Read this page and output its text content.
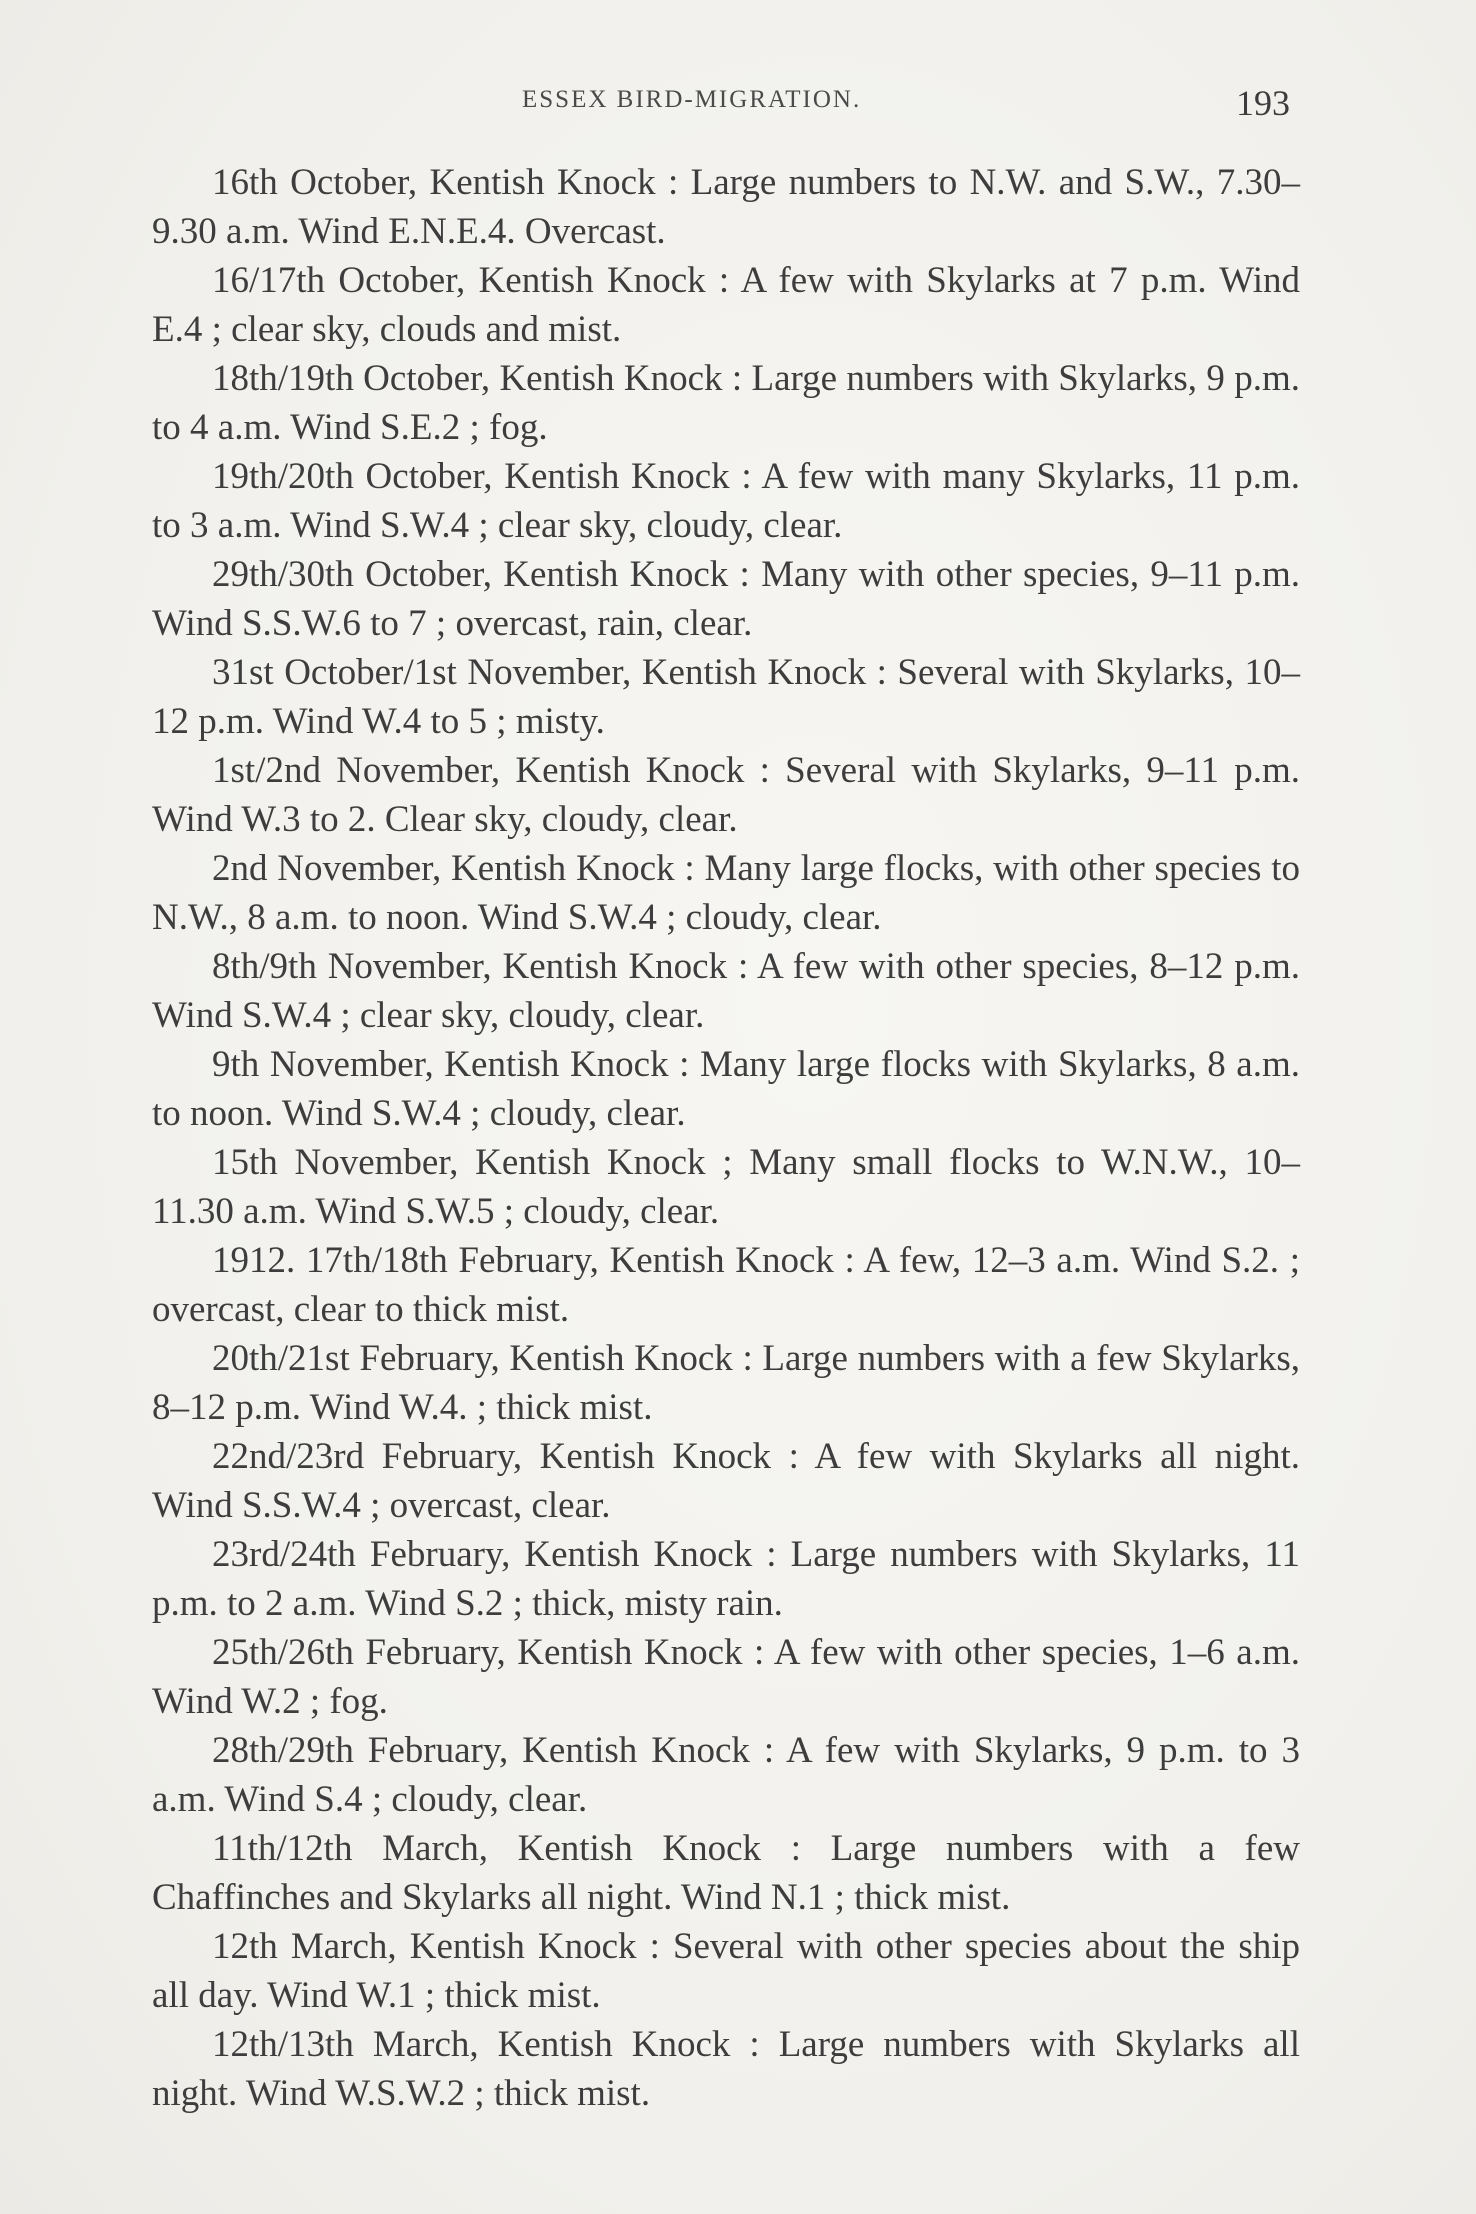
ESSEX BIRD-MIGRATION.	193

16th October, Kentish Knock : Large numbers to N.W. and S.W., 7.30–9.30 a.m. Wind E.N.E.4. Overcast.

16/17th October, Kentish Knock : A few with Skylarks at 7 p.m. Wind E.4 ; clear sky, clouds and mist.

18th/19th October, Kentish Knock : Large numbers with Skylarks, 9 p.m. to 4 a.m. Wind S.E.2 ; fog.

19th/20th October, Kentish Knock : A few with many Skylarks, 11 p.m. to 3 a.m. Wind S.W.4 ; clear sky, cloudy, clear.

29th/30th October, Kentish Knock : Many with other species, 9–11 p.m. Wind S.S.W.6 to 7 ; overcast, rain, clear.

31st October/1st November, Kentish Knock : Several with Skylarks, 10–12 p.m. Wind W.4 to 5 ; misty.

1st/2nd November, Kentish Knock : Several with Skylarks, 9–11 p.m. Wind W.3 to 2. Clear sky, cloudy, clear.

2nd November, Kentish Knock : Many large flocks, with other species to N.W., 8 a.m. to noon. Wind S.W.4 ; cloudy, clear.

8th/9th November, Kentish Knock : A few with other species, 8–12 p.m. Wind S.W.4 ; clear sky, cloudy, clear.

9th November, Kentish Knock : Many large flocks with Skylarks, 8 a.m. to noon. Wind S.W.4 ; cloudy, clear.

15th November, Kentish Knock ; Many small flocks to W.N.W., 10–11.30 a.m. Wind S.W.5 ; cloudy, clear.

1912. 17th/18th February, Kentish Knock : A few, 12–3 a.m. Wind S.2. ; overcast, clear to thick mist.

20th/21st February, Kentish Knock : Large numbers with a few Skylarks, 8–12 p.m. Wind W.4. ; thick mist.

22nd/23rd February, Kentish Knock : A few with Skylarks all night. Wind S.S.W.4 ; overcast, clear.

23rd/24th February, Kentish Knock : Large numbers with Skylarks, 11 p.m. to 2 a.m. Wind S.2 ; thick, misty rain.

25th/26th February, Kentish Knock : A few with other species, 1–6 a.m. Wind W.2 ; fog.

28th/29th February, Kentish Knock : A few with Skylarks, 9 p.m. to 3 a.m. Wind S.4 ; cloudy, clear.

11th/12th March, Kentish Knock : Large numbers with a few Chaffinches and Skylarks all night. Wind N.1 ; thick mist.

12th March, Kentish Knock : Several with other species about the ship all day. Wind W.1 ; thick mist.

12th/13th March, Kentish Knock : Large numbers with Skylarks all night. Wind W.S.W.2 ; thick mist.
